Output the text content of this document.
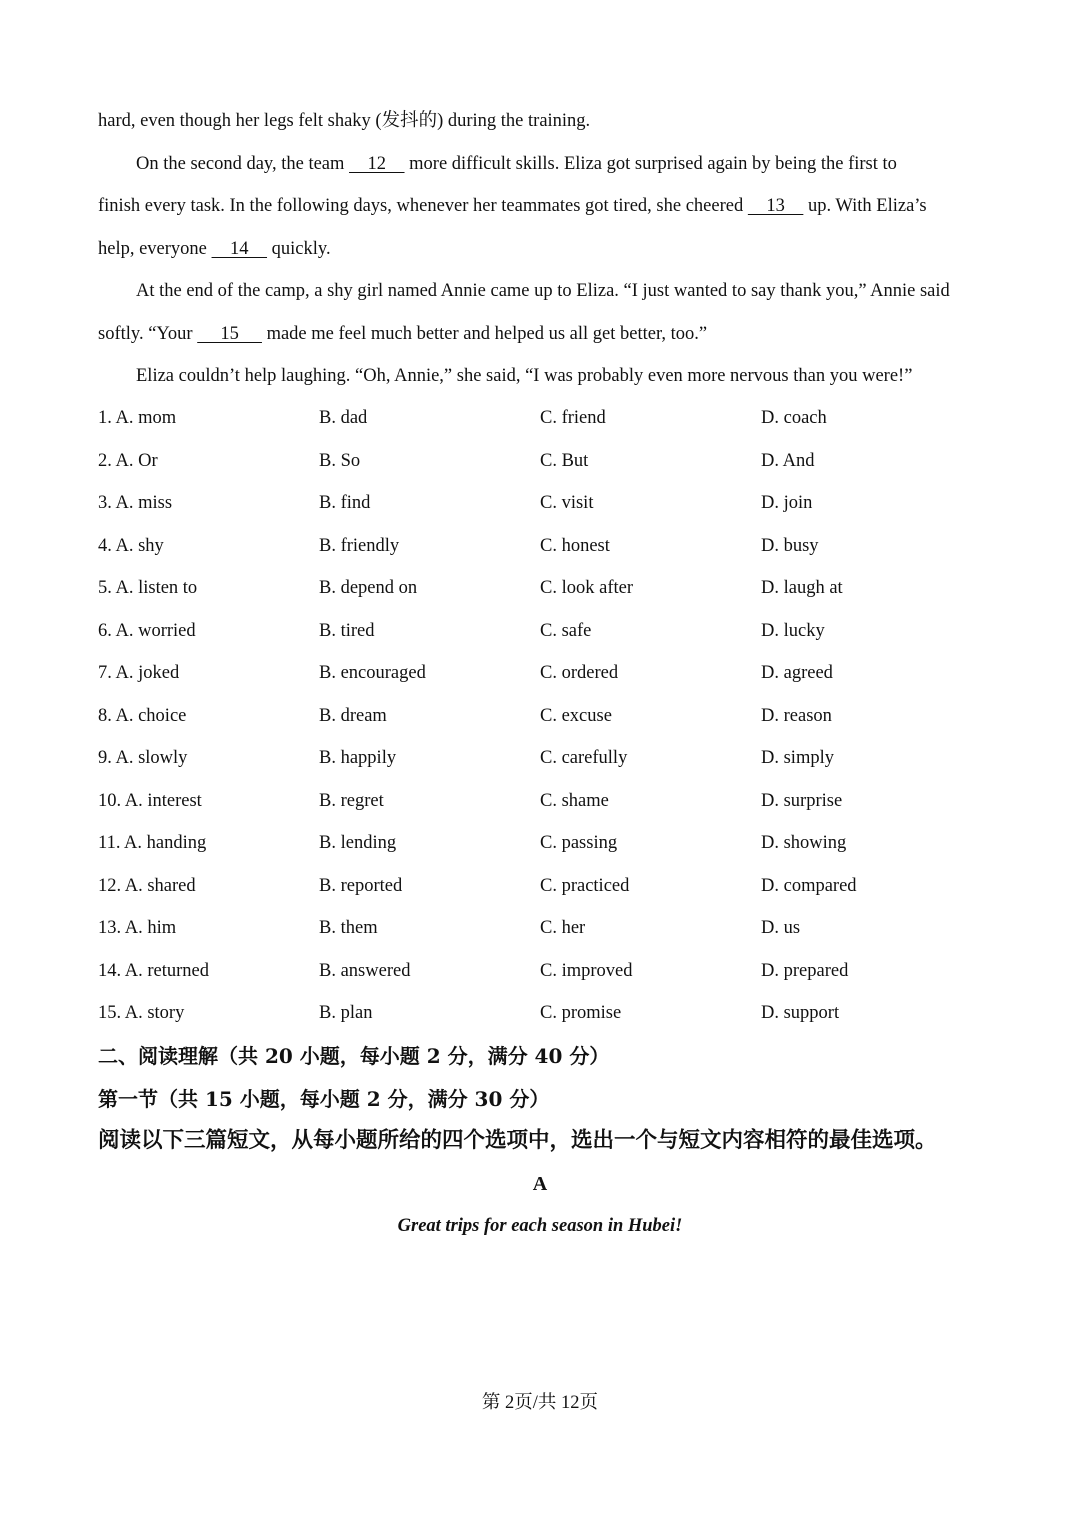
hard, even though her legs felt shaky (发抖的) during the training.
On the second day, the team     12     more difficult skills. Eliza got surprised again by being the first to
finish every task. In the following days, whenever her teammates got tired, she cheered     13     up. With Eliza’s
help, everyone     14     quickly.
At the end of the camp, a shy girl named Annie came up to Eliza. “I just wanted to say thank you,” Annie said
softly. “Your      15      made me feel much better and helped us all get better, too.”
Eliza couldn’t help laughing. “Oh, Annie,” she said, “I was probably even more nervous than you were!”
1. A. mom	B. dad	C. friend	D. coach
2. A. Or	B. So	C. But	D. And
3. A. miss	B. find	C. visit	D. join
4. A. shy	B. friendly	C. honest	D. busy
5. A. listen to	B. depend on	C. look after	D. laugh at
6. A. worried	B. tired	C. safe	D. lucky
7. A. joked	B. encouraged	C. ordered	D. agreed
8. A. choice	B. dream	C. excuse	D. reason
9. A. slowly	B. happily	C. carefully	D. simply
10. A. interest	B. regret	C. shame	D. surprise
11. A. handing	B. lending	C. passing	D. showing
12. A. shared	B. reported	C. practiced	D. compared
13. A. him	B. them	C. her	D. us
14. A. returned	B. answered	C. improved	D. prepared
15. A. story	B. plan	C. promise	D. support
二、阅读理解（共 20 小题，每小题 2 分，满分 40 分）
第一节（共 15 小题，每小题 2 分，满分 30 分）
阅读以下三篇短文，从每小题所给的四个选项中，选出一个与短文内容相符的最佳选项。
A
Great trips for each season in Hubei!
第 2页/共 12页
